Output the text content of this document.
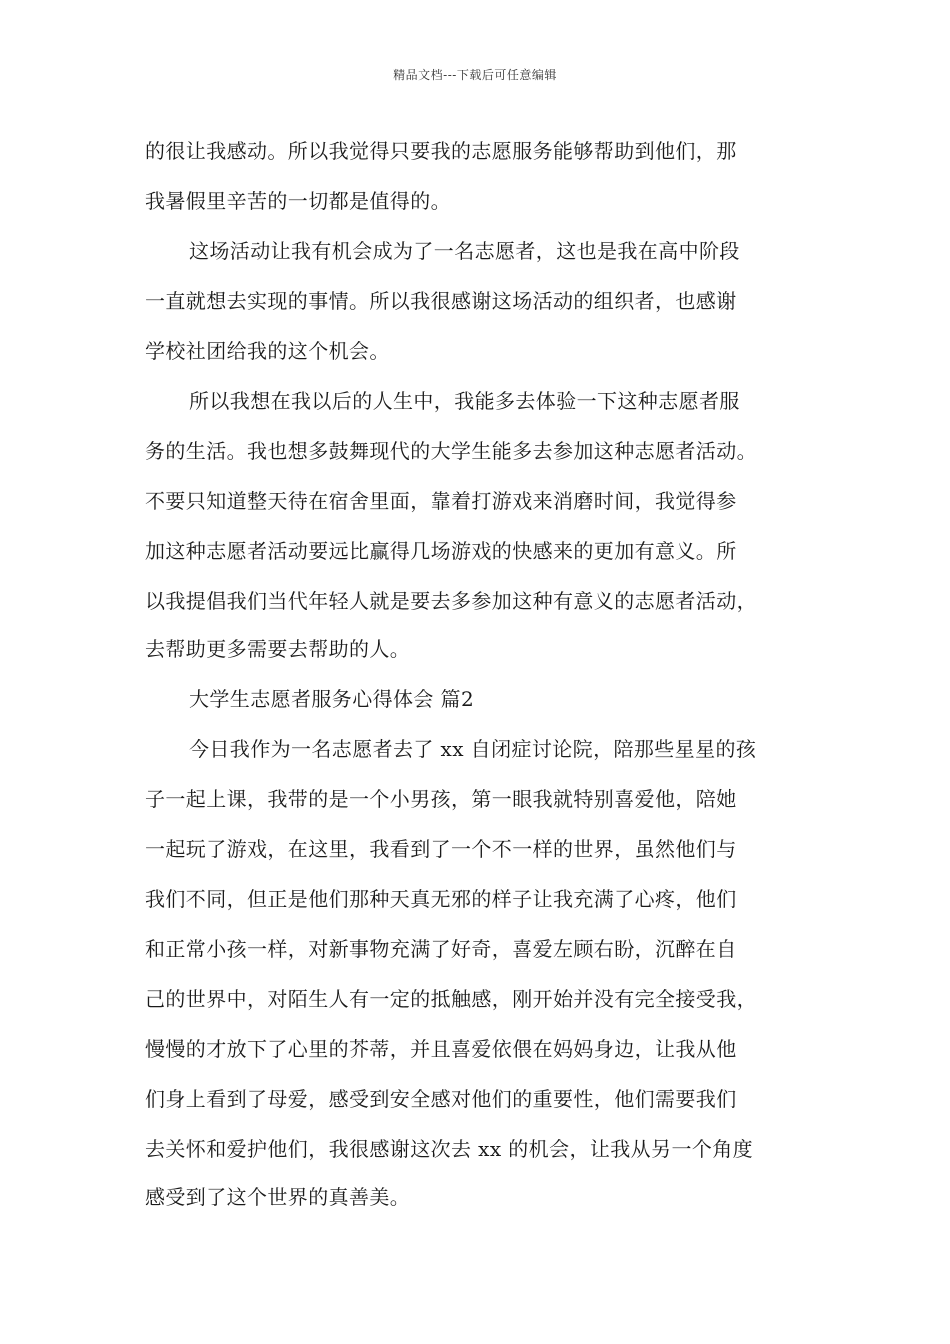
精品文档---下载后可任意编辑
的很让我感动。所以我觉得只要我的志愿服务能够帮助到他们，那
我暑假里辛苦的一切都是值得的。
这场活动让我有机会成为了一名志愿者，这也是我在高中阶段
一直就想去实现的事情。所以我很感谢这场活动的组织者，也感谢
学校社团给我的这个机会。
所以我想在我以后的人生中，我能多去体验一下这种志愿者服
务的生活。我也想多鼓舞现代的大学生能多去参加这种志愿者活动。
不要只知道整天待在宿舍里面，靠着打游戏来消磨时间，我觉得参
加这种志愿者活动要远比赢得几场游戏的快感来的更加有意义。所
以我提倡我们当代年轻人就是要去多参加这种有意义的志愿者活动，
去帮助更多需要去帮助的人。
大学生志愿者服务心得体会 篇2
今日我作为一名志愿者去了 xx 自闭症讨论院，陪那些星星的孩
子一起上课，我带的是一个小男孩，第一眼我就特别喜爱他，陪她
一起玩了游戏，在这里，我看到了一个不一样的世界，虽然他们与
我们不同，但正是他们那种天真无邪的样子让我充满了心疼，他们
和正常小孩一样，对新事物充满了好奇，喜爱左顾右盼，沉醉在自
己的世界中，对陌生人有一定的抵触感，刚开始并没有完全接受我，
慢慢的才放下了心里的芥蒂，并且喜爱依偎在妈妈身边，让我从他
们身上看到了母爱，感受到安全感对他们的重要性，他们需要我们
去关怀和爱护他们，我很感谢这次去 xx 的机会，让我从另一个角度
感受到了这个世界的真善美。
